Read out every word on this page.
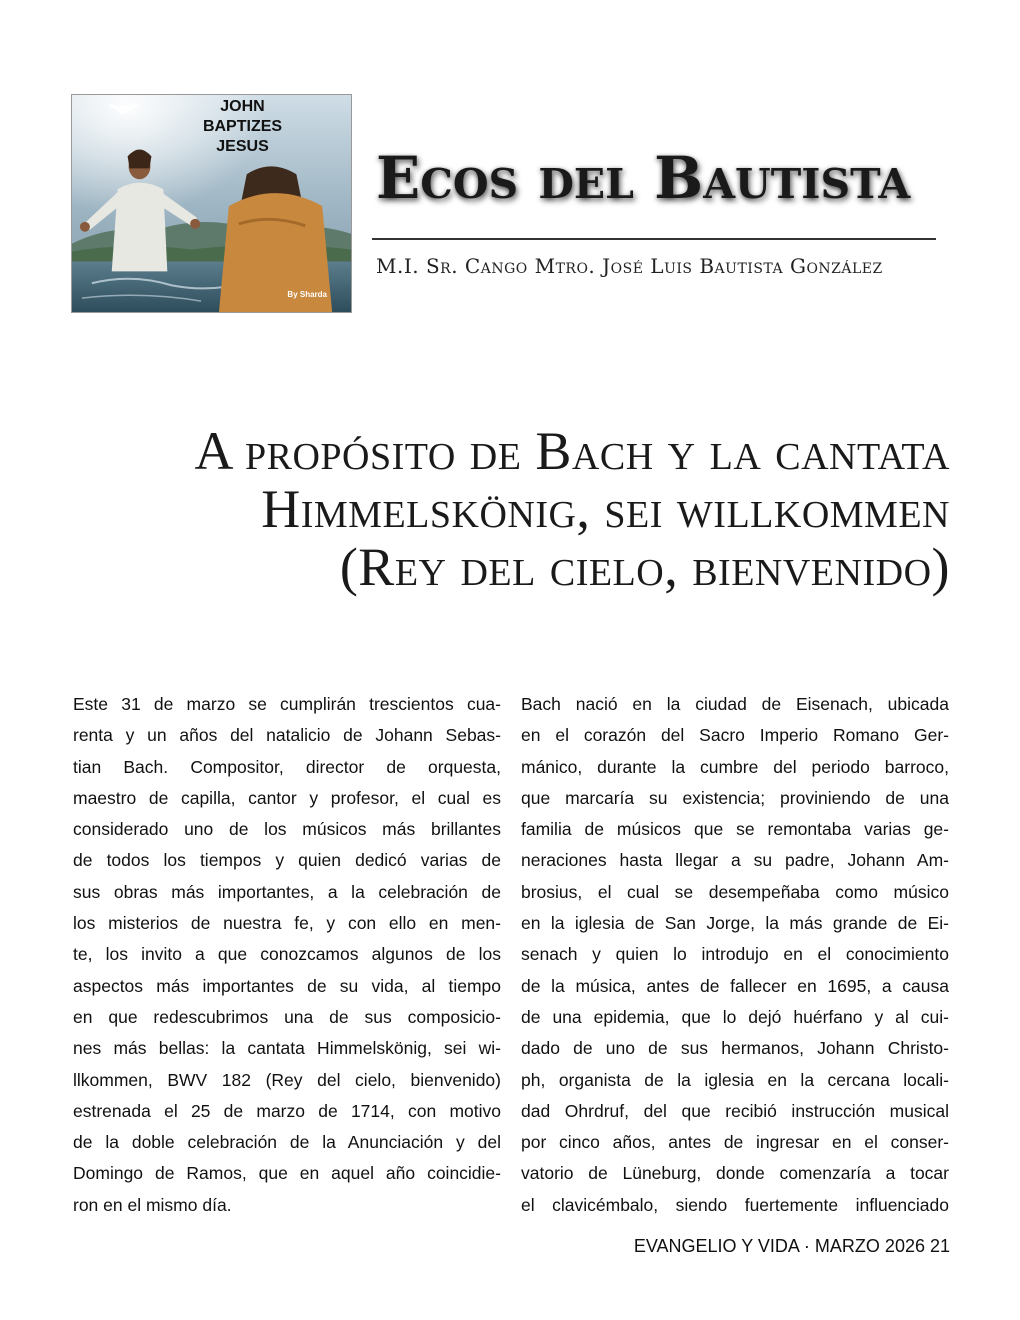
JOHN
BAPTIZES
JESUS
By Sharda
Ecos del Bautista
M.I. Sr. Cango Mtro. José Luis Bautista González
A propósito de Bach y la cantata
Himmelskönig, sei willkommen
(Rey del cielo, bienvenido)
Este 31 de marzo se cumplirán trescientos cua-
renta y un años del natalicio de Johann Sebas-
tian Bach. Compositor, director de orquesta,
maestro de capilla, cantor y profesor, el cual es
considerado uno de los músicos más brillantes
de todos los tiempos y quien dedicó varias de
sus obras más importantes, a la celebración de
los misterios de nuestra fe, y con ello en men-
te, los invito a que conozcamos algunos de los
aspectos más importantes de su vida, al tiempo
en que redescubrimos una de sus composicio-
nes más bellas: la cantata Himmelskönig, sei wi-
llkommen, BWV 182 (Rey del cielo, bienvenido)
estrenada el 25 de marzo de 1714, con motivo
de la doble celebración de la Anunciación y del
Domingo de Ramos, que en aquel año coincidie-
ron en el mismo día.
Bach nació en la ciudad de Eisenach, ubicada
en el corazón del Sacro Imperio Romano Ger-
mánico, durante la cumbre del periodo barroco,
que marcaría su existencia; proviniendo de una
familia de músicos que se remontaba varias ge-
neraciones hasta llegar a su padre, Johann Am-
brosius, el cual se desempeñaba como músico
en la iglesia de San Jorge, la más grande de Ei-
senach y quien lo introdujo en el conocimiento
de la música, antes de fallecer en 1695, a causa
de una epidemia, que lo dejó huérfano y al cui-
dado de uno de sus hermanos, Johann Christo-
ph, organista de la iglesia en la cercana locali-
dad Ohrdruf, del que recibió instrucción musical
por cinco años, antes de ingresar en el conser-
vatorio de Lüneburg, donde comenzaría a tocar
el clavicémbalo, siendo fuertemente influenciado
EVANGELIO Y VIDA · MARZO 2026 21
